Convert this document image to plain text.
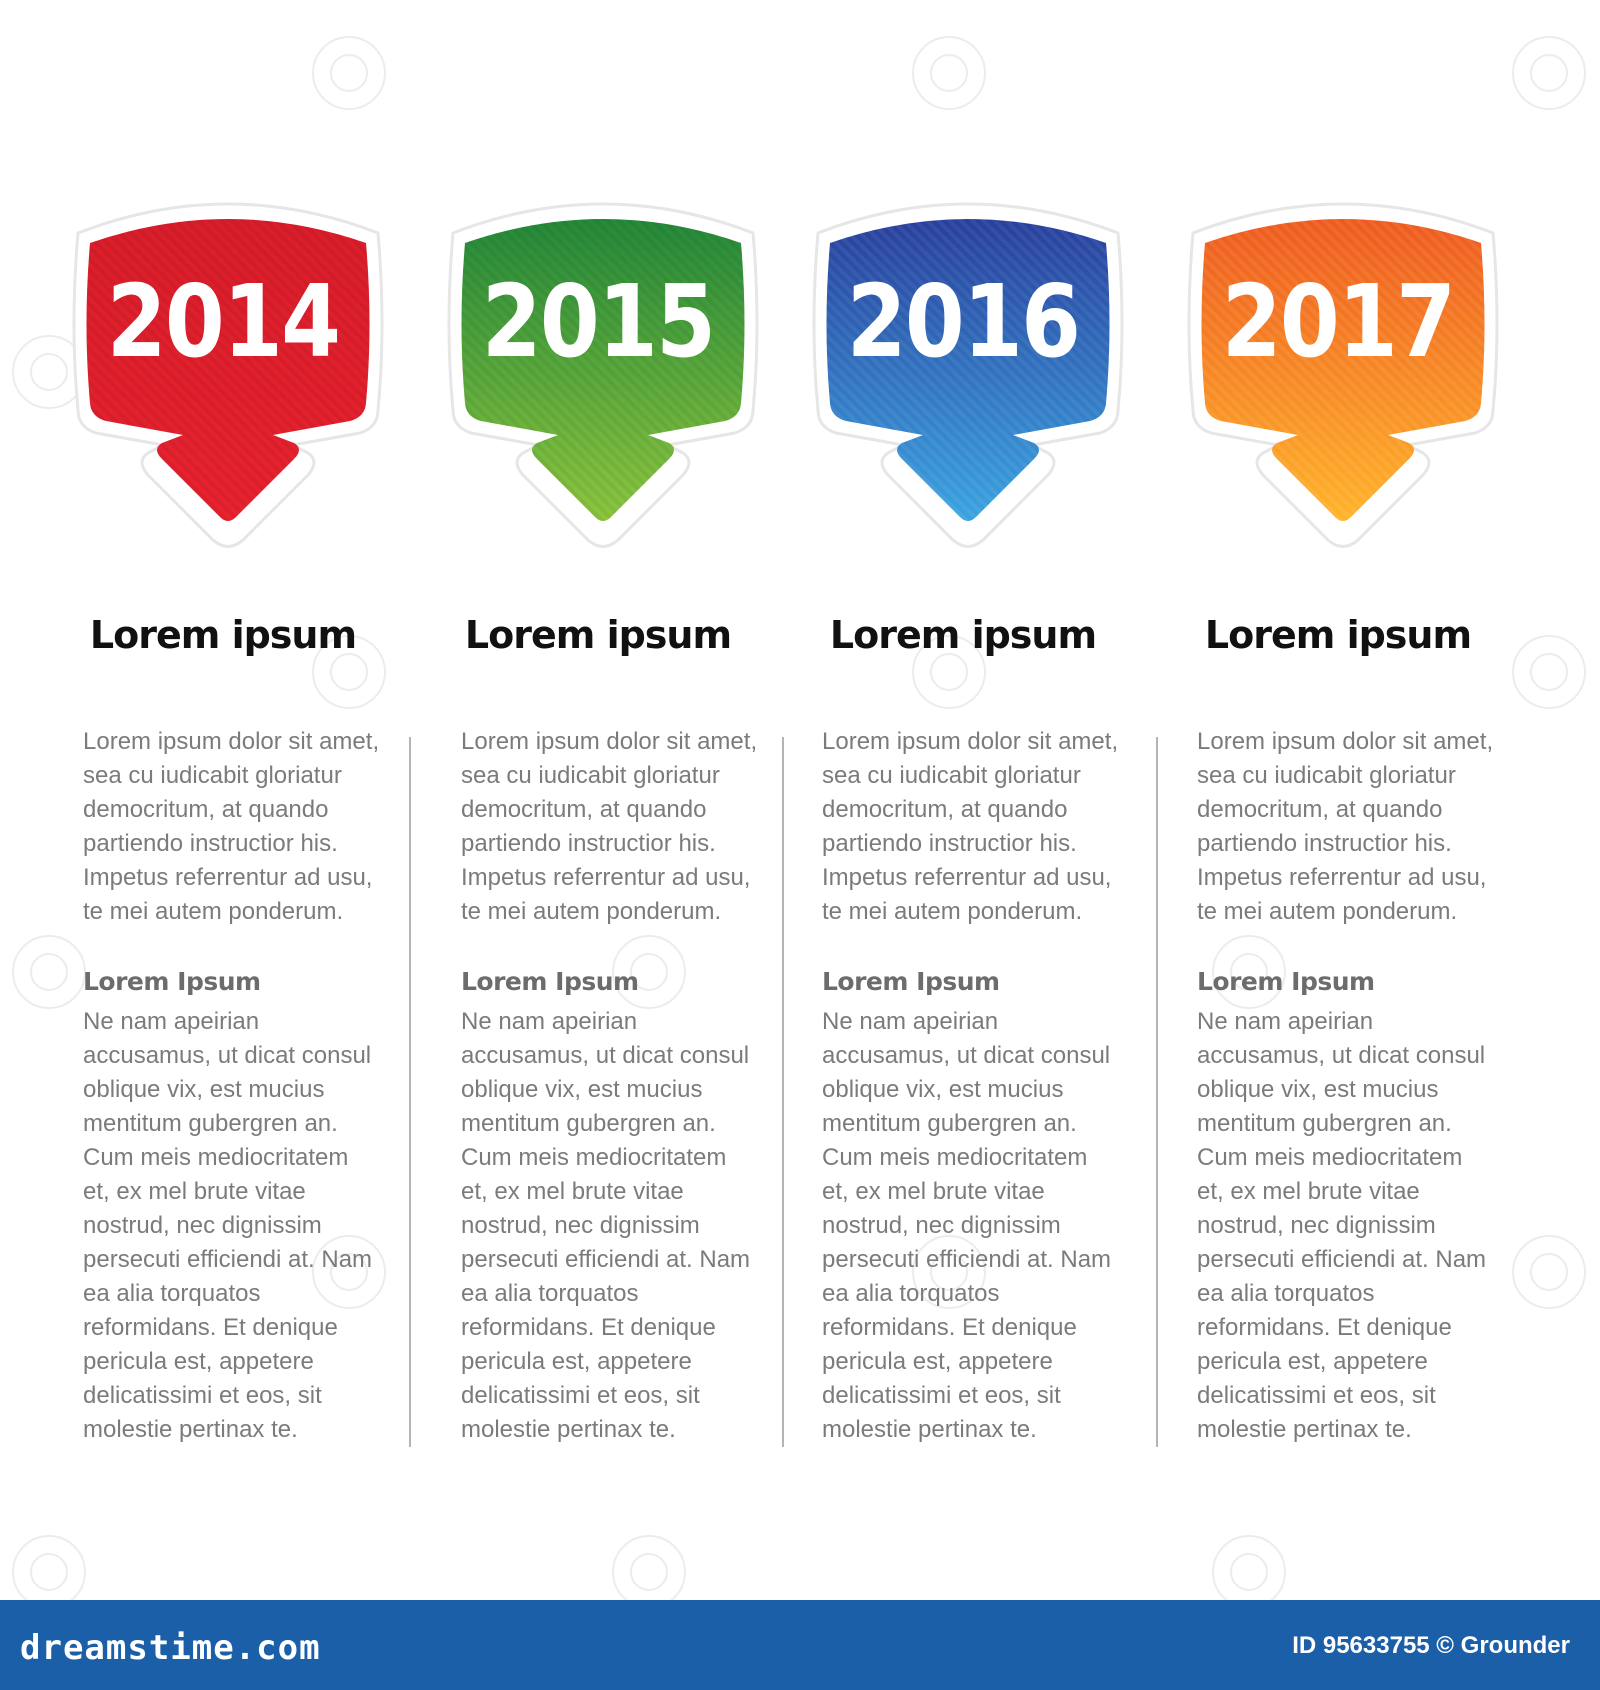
2014
Lorem ipsum
Lorem ipsum dolor sit amet,
sea cu iudicabit gloriatur
democritum, at quando
partiendo instructior his.
Impetus referrentur ad usu,
te mei autem ponderum.
Lorem Ipsum
Ne nam apeirian
accusamus, ut dicat consul
oblique vix, est mucius
mentitum gubergren an.
Cum meis mediocritatem
et, ex mel brute vitae
nostrud, nec dignissim
persecuti efficiendi at. Nam
ea alia torquatos
reformidans. Et denique
pericula est, appetere
delicatissimi et eos, sit
molestie pertinax te.
2015
Lorem ipsum
Lorem ipsum dolor sit amet,
sea cu iudicabit gloriatur
democritum, at quando
partiendo instructior his.
Impetus referrentur ad usu,
te mei autem ponderum.
Lorem Ipsum
Ne nam apeirian
accusamus, ut dicat consul
oblique vix, est mucius
mentitum gubergren an.
Cum meis mediocritatem
et, ex mel brute vitae
nostrud, nec dignissim
persecuti efficiendi at. Nam
ea alia torquatos
reformidans. Et denique
pericula est, appetere
delicatissimi et eos, sit
molestie pertinax te.
2016
Lorem ipsum
Lorem ipsum dolor sit amet,
sea cu iudicabit gloriatur
democritum, at quando
partiendo instructior his.
Impetus referrentur ad usu,
te mei autem ponderum.
Lorem Ipsum
Ne nam apeirian
accusamus, ut dicat consul
oblique vix, est mucius
mentitum gubergren an.
Cum meis mediocritatem
et, ex mel brute vitae
nostrud, nec dignissim
persecuti efficiendi at. Nam
ea alia torquatos
reformidans. Et denique
pericula est, appetere
delicatissimi et eos, sit
molestie pertinax te.
2017
Lorem ipsum
Lorem ipsum dolor sit amet,
sea cu iudicabit gloriatur
democritum, at quando
partiendo instructior his.
Impetus referrentur ad usu,
te mei autem ponderum.
Lorem Ipsum
Ne nam apeirian
accusamus, ut dicat consul
oblique vix, est mucius
mentitum gubergren an.
Cum meis mediocritatem
et, ex mel brute vitae
nostrud, nec dignissim
persecuti efficiendi at. Nam
ea alia torquatos
reformidans. Et denique
pericula est, appetere
delicatissimi et eos, sit
molestie pertinax te.
dreamstime.com	ID 95633755 © Grounder
